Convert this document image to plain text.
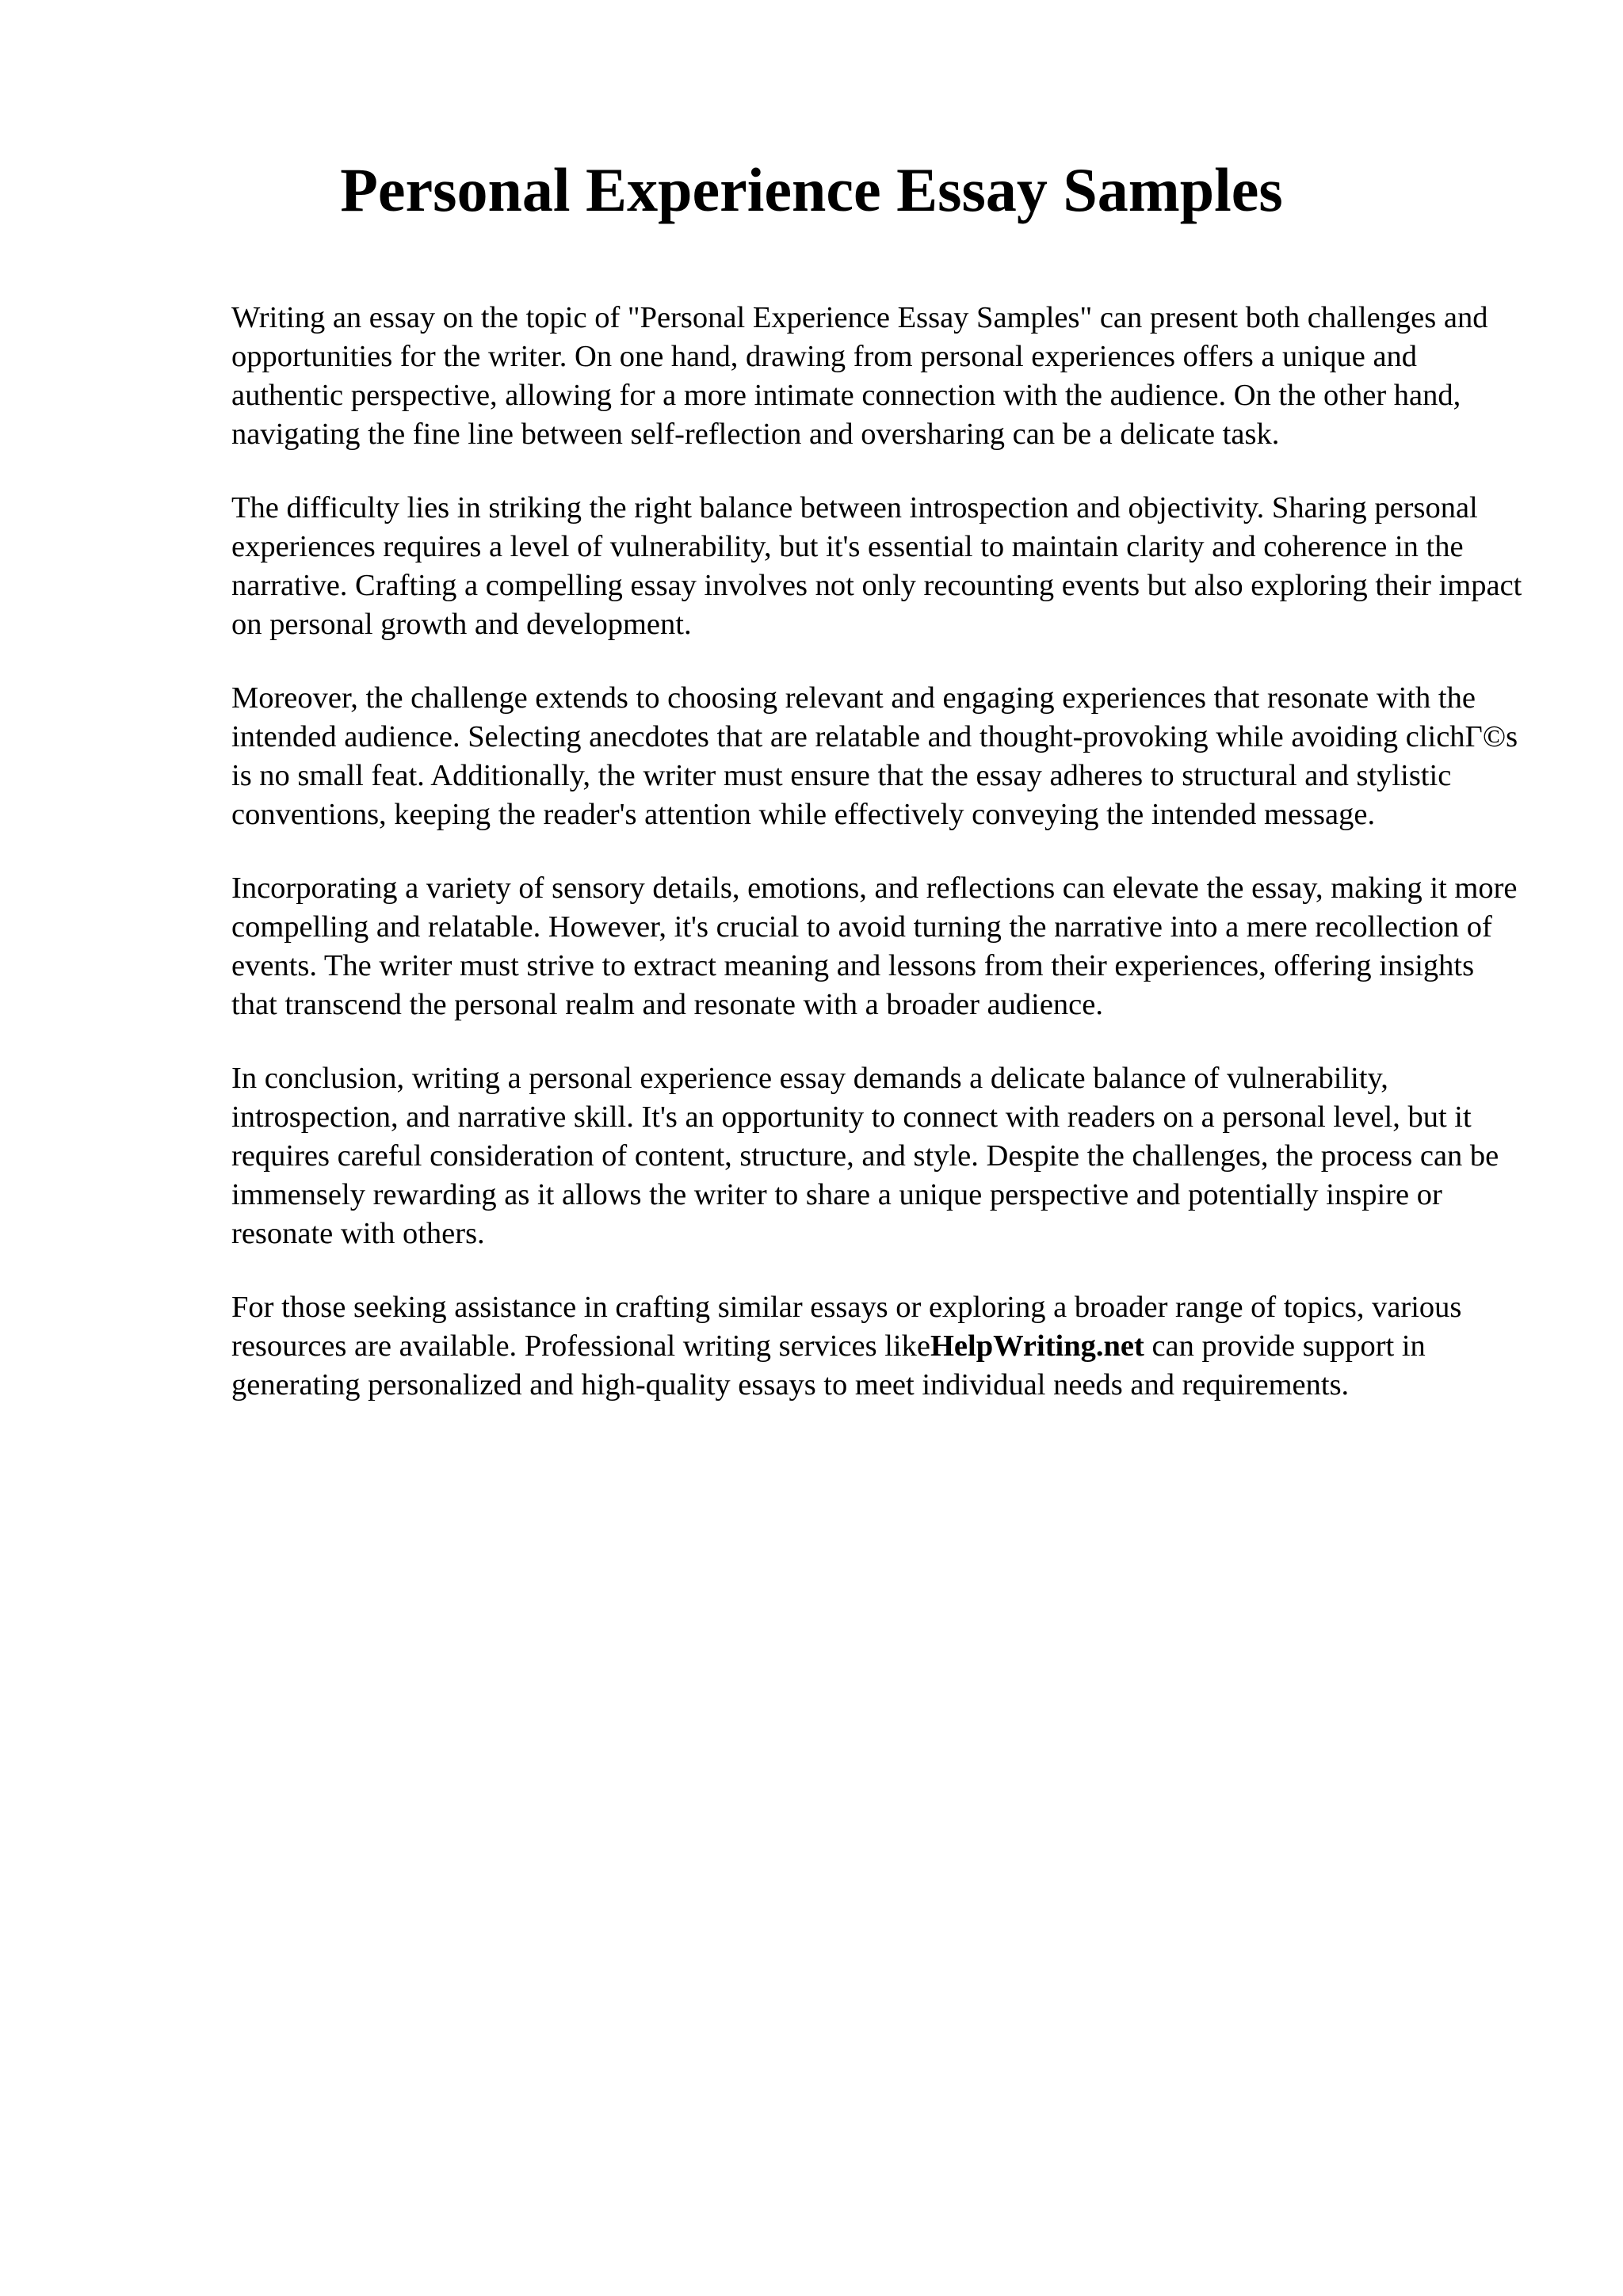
Personal Experience Essay Samples

Writing an essay on the topic of "Personal Experience Essay Samples" can present both challenges and opportunities for the writer. On one hand, drawing from personal experiences offers a unique and authentic perspective, allowing for a more intimate connection with the audience. On the other hand, navigating the fine line between self-reflection and oversharing can be a delicate task.

The difficulty lies in striking the right balance between introspection and objectivity. Sharing personal experiences requires a level of vulnerability, but it's essential to maintain clarity and coherence in the narrative. Crafting a compelling essay involves not only recounting events but also exploring their impact on personal growth and development.

Moreover, the challenge extends to choosing relevant and engaging experiences that resonate with the intended audience. Selecting anecdotes that are relatable and thought-provoking while avoiding clichΓ©s is no small feat. Additionally, the writer must ensure that the essay adheres to structural and stylistic conventions, keeping the reader's attention while effectively conveying the intended message.

Incorporating a variety of sensory details, emotions, and reflections can elevate the essay, making it more compelling and relatable. However, it's crucial to avoid turning the narrative into a mere recollection of events. The writer must strive to extract meaning and lessons from their experiences, offering insights that transcend the personal realm and resonate with a broader audience.

In conclusion, writing a personal experience essay demands a delicate balance of vulnerability, introspection, and narrative skill. It's an opportunity to connect with readers on a personal level, but it requires careful consideration of content, structure, and style. Despite the challenges, the process can be immensely rewarding as it allows the writer to share a unique perspective and potentially inspire or resonate with others.

For those seeking assistance in crafting similar essays or exploring a broader range of topics, various resources are available. Professional writing services likeHelpWriting.net can provide support in generating personalized and high-quality essays to meet individual needs and requirements.
